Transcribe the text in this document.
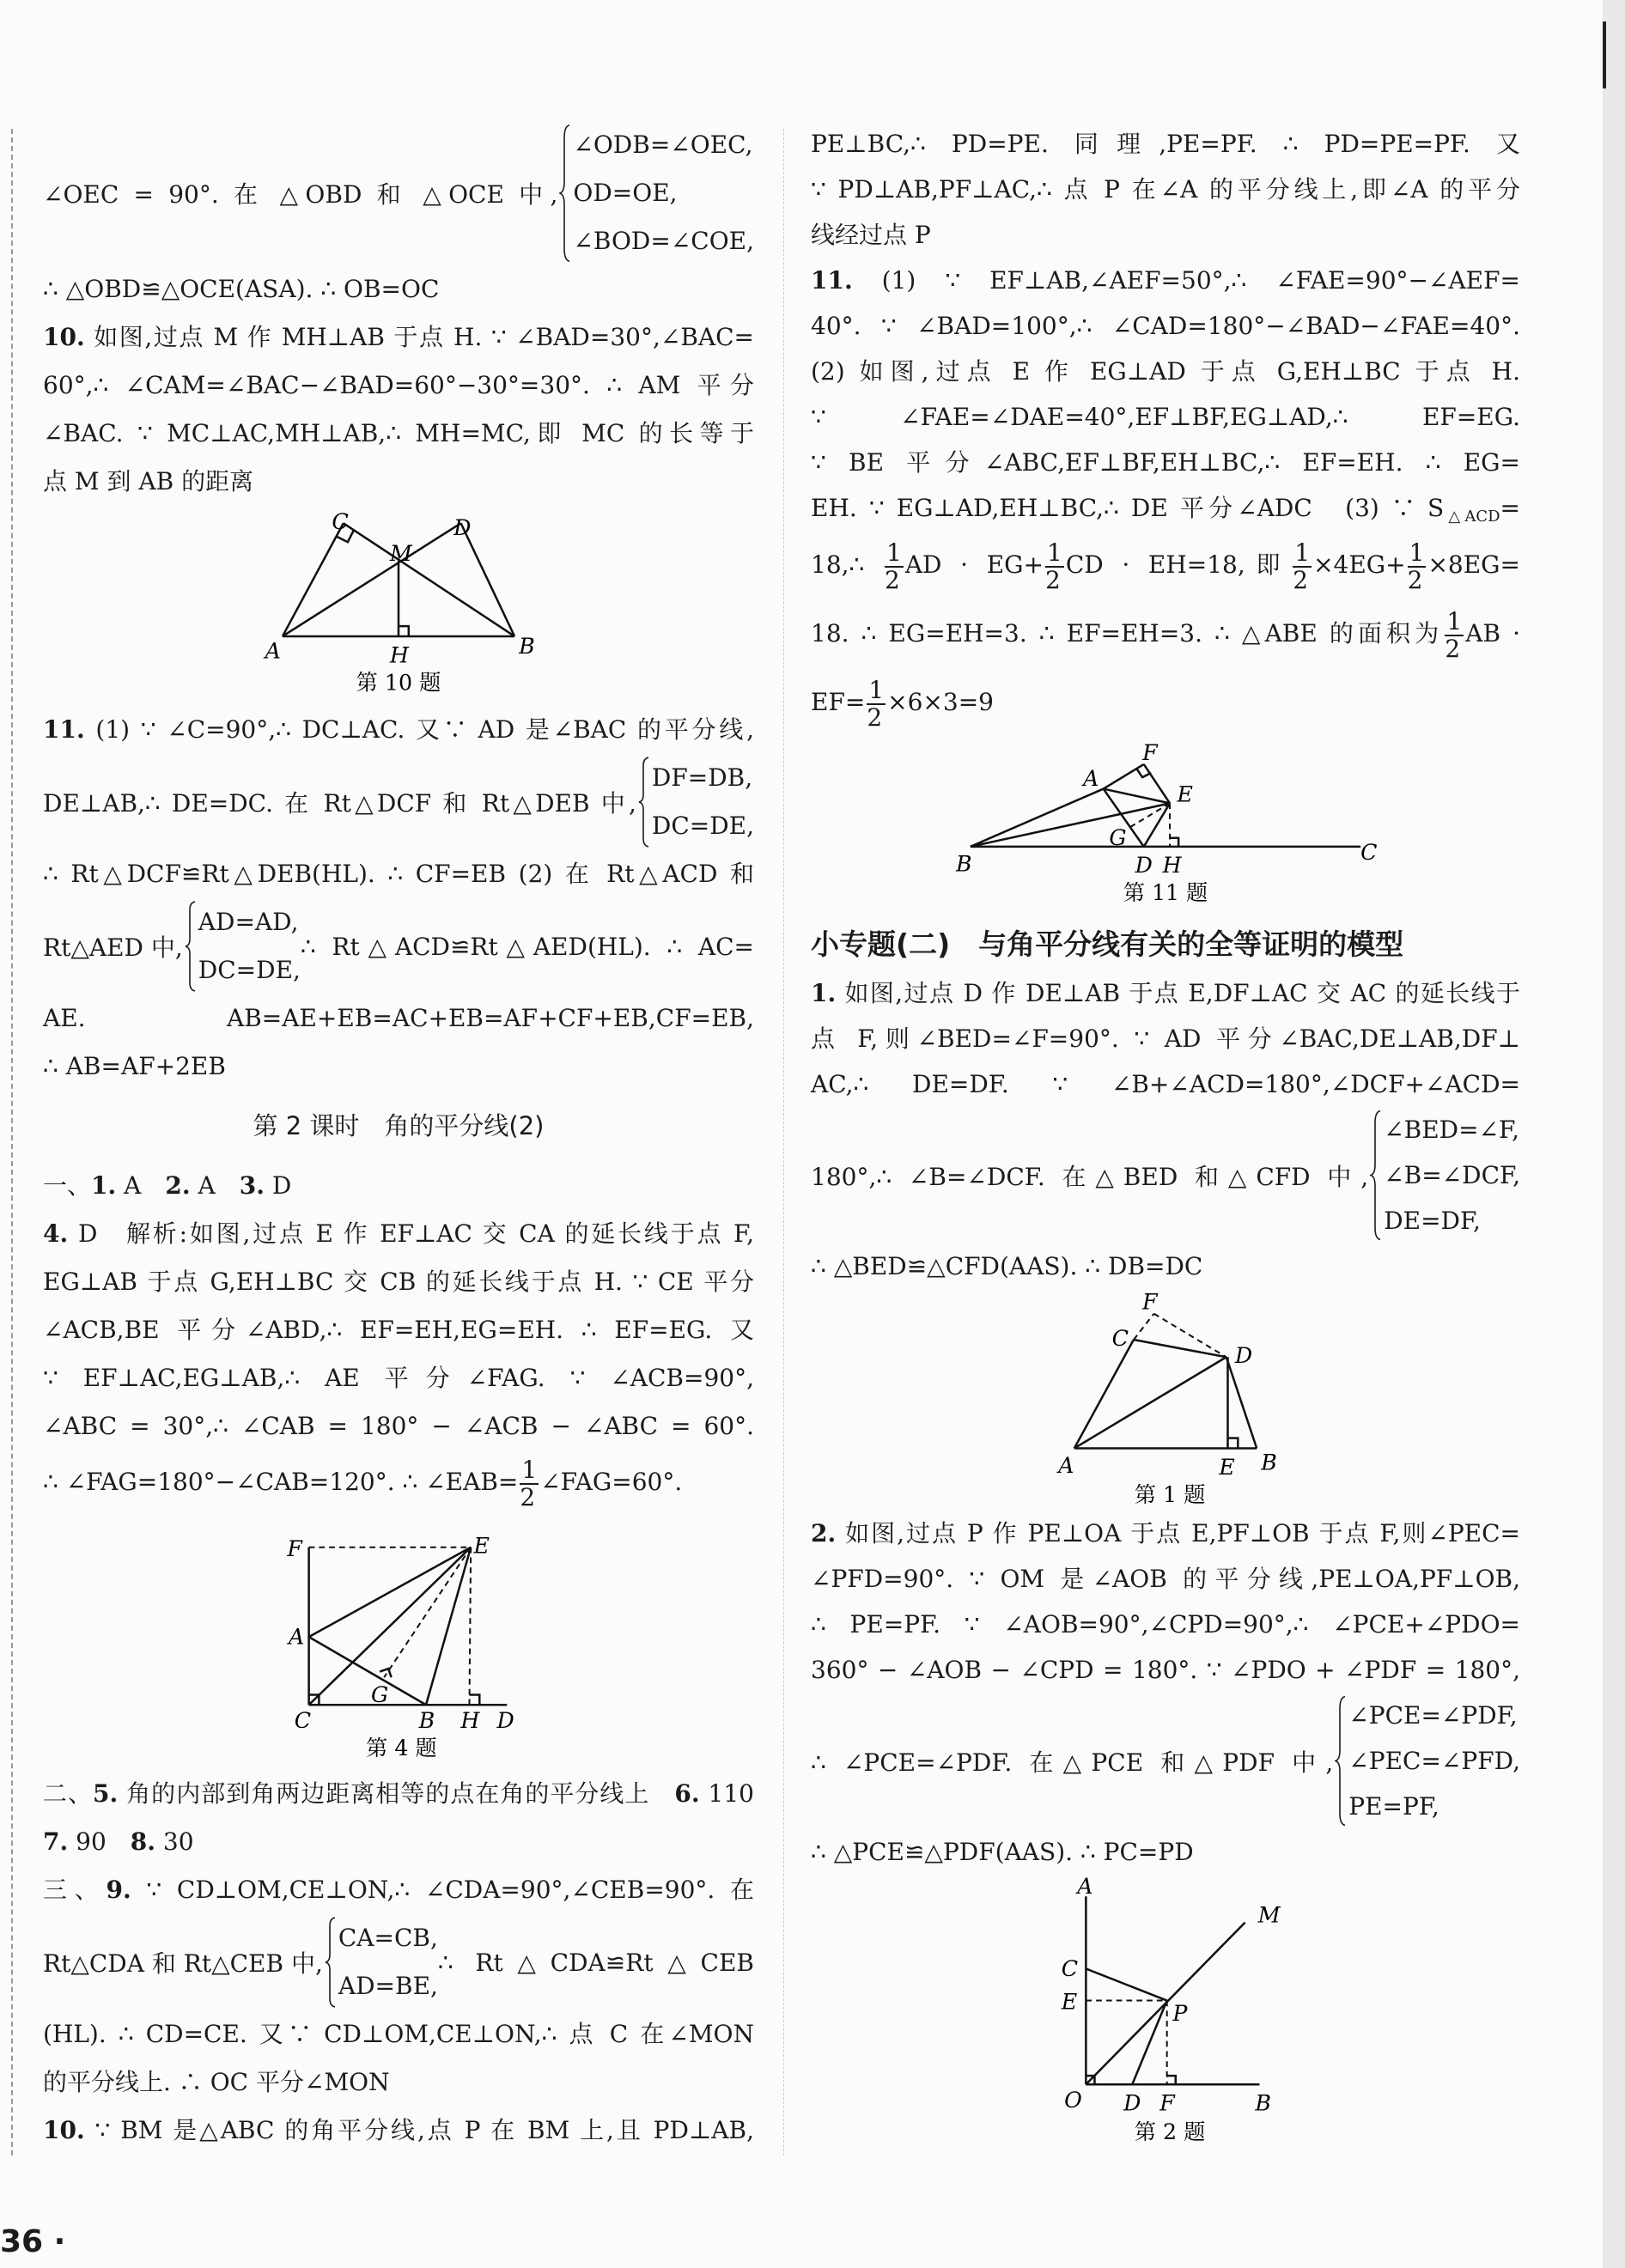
∠OEC = 90°. 在 △OBD 和 △OCE 中,
∠ODB=∠OEC,
OD=OE,
∠BOD=∠COE,
∴ △OBD≌△OCE(ASA). ∴ OB=OC
10. 如图,过点 M 作 MH⊥AB 于点 H. ∵ ∠BAD=30°,∠BAC=
60°,∴ ∠CAM=∠BAC−∠BAD=60°−30°=30°. ∴ AM 平分
∠BAC. ∵ MC⊥AC,MH⊥AB,∴ MH=MC,即 MC 的长等于
点 M 到 AB 的距离
A	B
C	D
M
H
第 10 题
11. (1) ∵ ∠C=90°,∴ DC⊥AC. 又∵ AD 是∠BAC 的平分线,
DE⊥AB,∴ DE=DC. 在 Rt△DCF 和 Rt△DEB 中,
DF=DB,
DC=DE,
∴ Rt△DCF≌Rt△DEB(HL). ∴ CF=EB (2) 在 Rt△ACD 和
Rt△AED 中,
AD=AD,
DC=DE,
∴ Rt△ACD≌Rt△AED(HL). ∴ AC=
AE. AB=AE+EB=AC+EB=AF+CF+EB,CF=EB,
∴ AB=AF+2EB
第 2 课时　角的平分线(2)
一、1. A　2. A　3. D
4. D　解析:如图,过点 E 作 EF⊥AC 交 CA 的延长线于点 F,
EG⊥AB 于点 G,EH⊥BC 交 CB 的延长线于点 H. ∵ CE 平分
∠ACB,BE 平分∠ABD,∴ EF=EH,EG=EH. ∴ EF=EG. 又
∵ EF⊥AC,EG⊥AB,∴ AE 平分∠FAG. ∵ ∠ACB=90°,
∠ABC = 30°,∴ ∠CAB = 180° − ∠ACB − ∠ABC = 60°.
∴ ∠FAG=180°−∠CAB=120°. ∴ ∠EAB= $\frac{1}{2}$ ∠FAG=60°.
F	E
A
C
G
B H D
第 4 题
二、5. 角的内部到角两边距离相等的点在角的平分线上　6. 110
7. 90　8. 30
三、9. ∵ CD⊥OM,CE⊥ON,∴ ∠CDA=90°,∠CEB=90°. 在
Rt△CDA 和 Rt△CEB 中,
CA=CB,
AD=BE,
∴ Rt△CDA≌Rt△CEB
(HL). ∴ CD=CE. 又∵ CD⊥OM,CE⊥ON,∴ 点 C 在∠MON
的平分线上. ∴ OC 平分∠MON
10. ∵ BM 是△ABC 的角平分线,点 P 在 BM 上,且 PD⊥AB,
PE⊥BC,∴ PD=PE. 同理,PE=PF. ∴ PD=PE=PF. 又
∵ PD⊥AB,PF⊥AC,∴ 点 P 在∠A 的平分线上,即∠A 的平分
线经过点 P
11. (1) ∵ EF⊥AB,∠AEF=50°,∴ ∠FAE=90°−∠AEF=
40°. ∵ ∠BAD=100°,∴ ∠CAD=180°−∠BAD−∠FAE=40°.
(2) 如图,过点 E 作 EG⊥AD 于点 G,EH⊥BC 于点 H.
∵ ∠FAE=∠DAE=40°,EF⊥BF,EG⊥AD,∴ EF=EG.
∵ BE 平分∠ABC,EF⊥BF,EH⊥BC,∴ EF=EH. ∴ EG=
EH. ∵ EG⊥AD,EH⊥BC,∴ DE 平分∠ADC　(3) ∵ $S_{\triangle ACD}=$
18,∴ $\frac{1}{2}$ AD · $EG+ \frac{1}{2}$ CD · EH=18,即 $\frac{1}{2} \times 4EG+ \frac{1}{2} \times 8EG=$
18. ∴ EG=EH=3. ∴ EF=EH=3. ∴ △ABE 的面积为 $\frac{1}{2}$ AB ·
$EF= \frac{1}{2} \times 6\times 3=9$
A
F
E
G
B	D H
C
第 11 题
小专题(二)　与角平分线有关的全等证明的模型
1. 如图,过点 D 作 DE⊥AB 于点 E,DF⊥AC 交 AC 的延长线于
点 F,则∠BED=∠F=90°. ∵ AD 平分∠BAC,DE⊥AB,DF⊥
AC,∴ DE=DF. ∵ ∠B+∠ACD=180°,∠DCF+∠ACD=
180°,∴ ∠B=∠DCF. 在△BED 和△CFD 中,
∠BED=∠F,
∠B=∠DCF,
DE=DF,
∴ △BED≌△CFD(AAS). ∴ DB=DC
F
C
D
A	E B
第 1 题
2. 如图,过点 P 作 PE⊥OA 于点 E,PF⊥OB 于点 F,则∠PEC=
∠PFD=90°. ∵ OM 是∠AOB 的平分线,PE⊥OA,PF⊥OB,
∴ PE=PF. ∵ ∠AOB=90°,∠CPD=90°,∴ ∠PCE+∠PDO=
360° − ∠AOB − ∠CPD = 180°. ∵ ∠PDO + ∠PDF = 180°,
∴ ∠PCE=∠PDF. 在△PCE 和△PDF 中,
∠PCE=∠PDF,
∠PEC=∠PFD,
PE=PF,
∴ △PCE≌△PDF(AAS). ∴ PC=PD
A
M
C
E	P
O	D F	B
第 2 题
36 ·
